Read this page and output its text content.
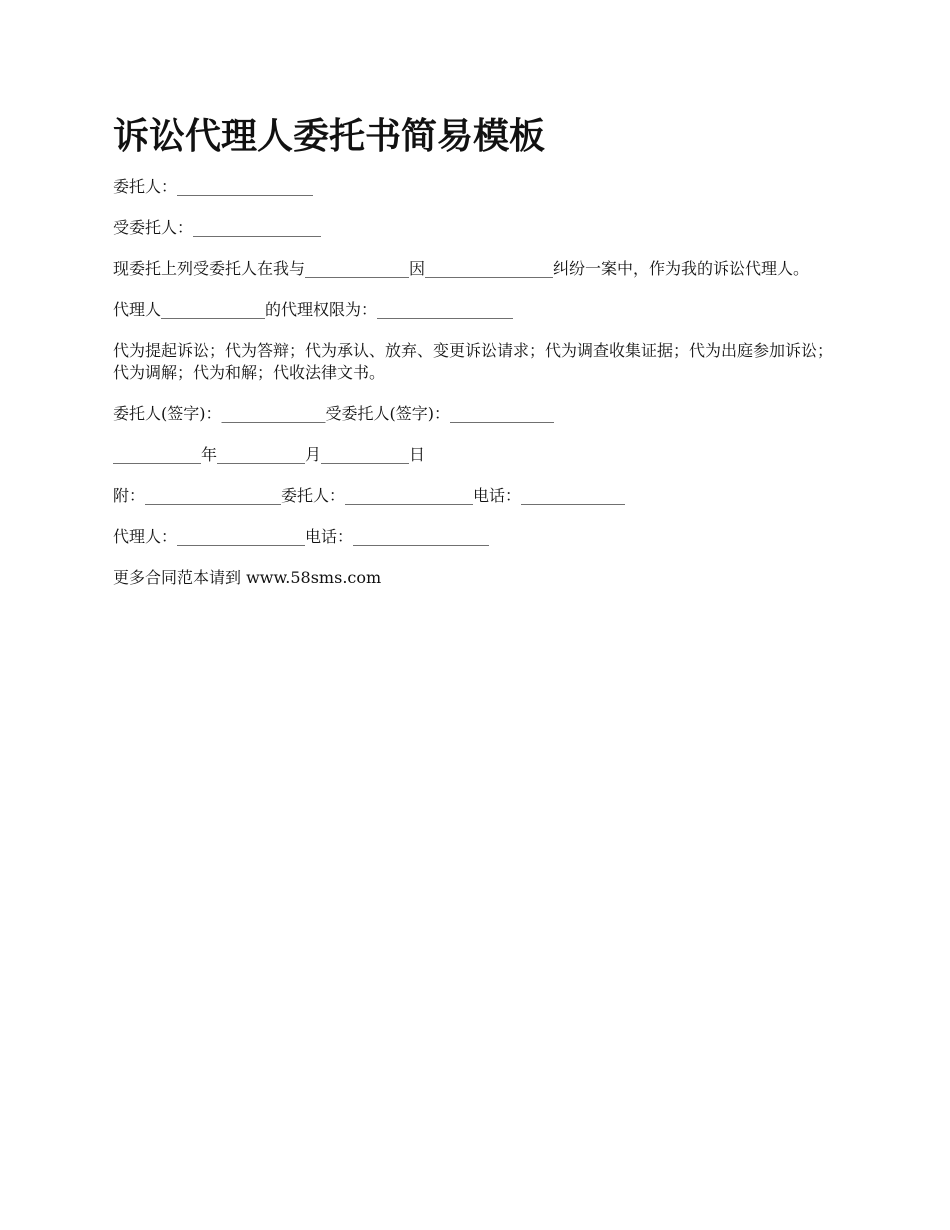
诉讼代理人委托书简易模板

委托人：_________________

受委托人：________________

现委托上列受委托人在我与_____________因________________纠纷一案中，作为我的诉讼代理人。

代理人_____________的代理权限为：_________________

代为提起诉讼；代为答辩；代为承认、放弃、变更诉讼请求；代为调查收集证据；代为出庭参加诉讼；代为调解；代为和解；代收法律文书。

委托人(签字)：_____________受委托人(签字)：_____________

___________年___________月___________日

附：_________________委托人：________________电话：_____________

代理人：________________电话：_________________

更多合同范本请到 www.58sms.com
